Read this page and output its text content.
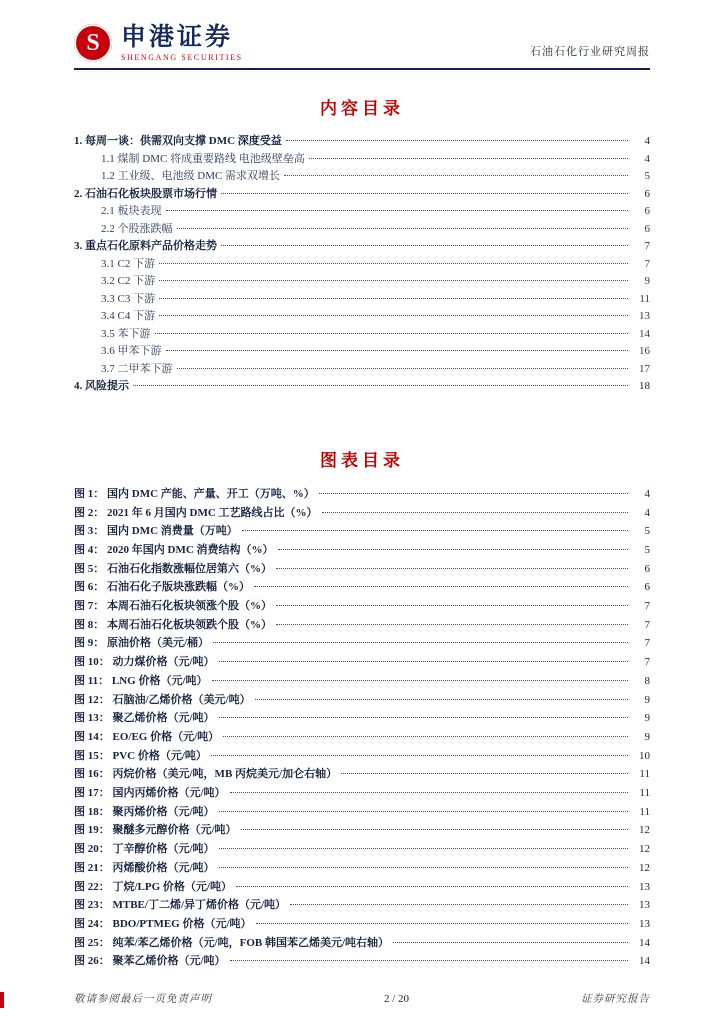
S 申港证券
SHENGANG SECURITIES	石油石化行业研究周报
内容目录
1. 每周一谈：供需双向支撑 DMC 深度受益	4
1.1 煤制 DMC 将成重要路线 电池级壁垒高	4
1.2 工业级、电池级 DMC 需求双增长	5
2. 石油石化板块股票市场行情	6
2.1 板块表现	6
2.2 个股涨跌幅	6
3. 重点石化原料产品价格走势	7
3.1 C2 下游	7
3.2 C2 下游	9
3.3 C3 下游	11
3.4 C4 下游	13
3.5 苯下游	14
3.6 甲苯下游	16
3.7 二甲苯下游	17
4. 风险提示	18
图表目录
图 1： 国内 DMC 产能、产量、开工（万吨、%）	4
图 2： 2021 年 6 月国内 DMC 工艺路线占比（%）	4
图 3： 国内 DMC 消费量（万吨）	5
图 4： 2020 年国内 DMC 消费结构（%）	5
图 5： 石油石化指数涨幅位居第六（%）	6
图 6： 石油石化子版块涨跌幅（%）	6
图 7： 本周石油石化板块领涨个股（%）	7
图 8： 本周石油石化板块领跌个股（%）	7
图 9： 原油价格（美元/桶）	7
图 10： 动力煤价格（元/吨）	7
图 11： LNG 价格（元/吨）	8
图 12： 石脑油/乙烯价格（美元/吨）	9
图 13： 聚乙烯价格（元/吨）	9
图 14： EO/EG 价格（元/吨）	9
图 15： PVC 价格（元/吨）	10
图 16： 丙烷价格（美元/吨，MB 丙烷美元/加仑右轴）	11
图 17： 国内丙烯价格（元/吨）	11
图 18： 聚丙烯价格（元/吨）	11
图 19： 聚醚多元醇价格（元/吨）	12
图 20： 丁辛醇价格（元/吨）	12
图 21： 丙烯酸价格（元/吨）	12
图 22： 丁烷/LPG 价格（元/吨）	13
图 23： MTBE/丁二烯/异丁烯价格（元/吨）	13
图 24： BDO/PTMEG 价格（元/吨）	13
图 25： 纯苯/苯乙烯价格（元/吨，FOB 韩国苯乙烯美元/吨右轴）	14
图 26： 聚苯乙烯价格（元/吨）	14
敬请参阅最后一页免责声明	2 / 20	证券研究报告
